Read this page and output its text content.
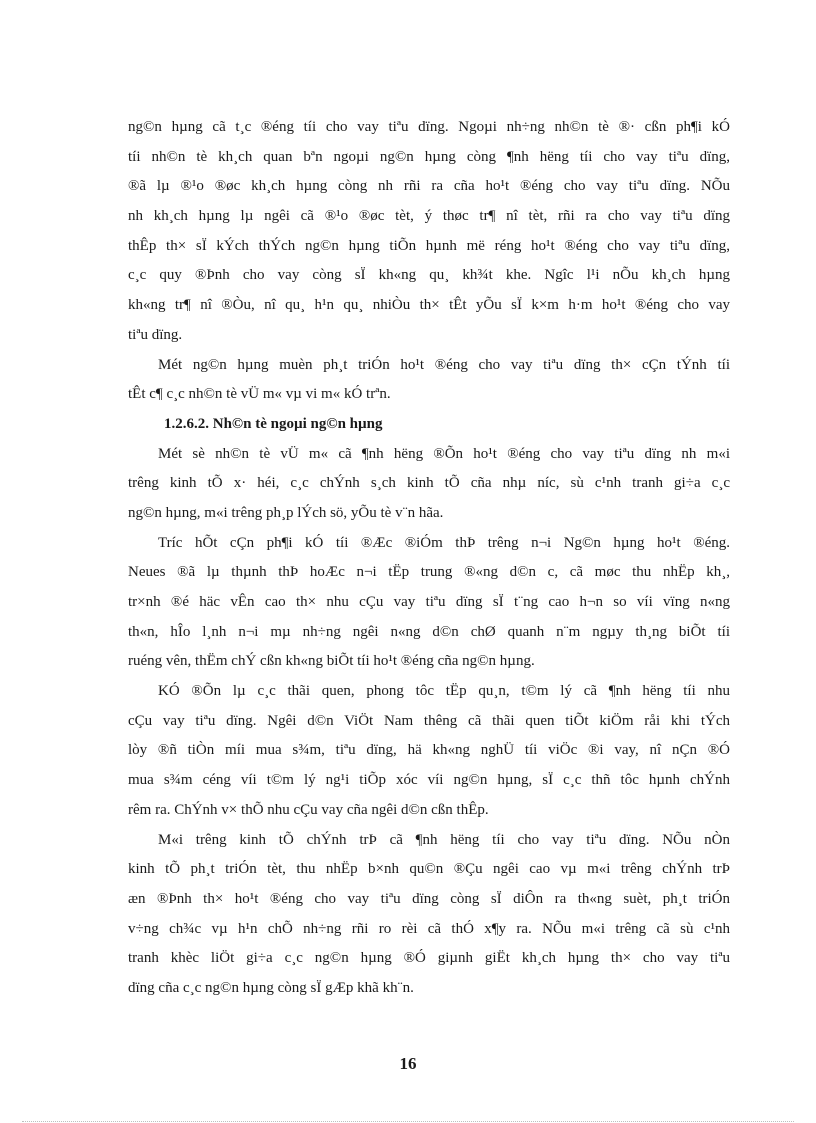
ng©n hµng cã t¸c ®éng tíi cho vay tiªu dïng. Ngoµi nh÷ng nh©n tè ®· cßn ph¶i kÓ
tíi nh©n tè kh¸ch quan bªn ngoµi ng©n hµng còng ¶nh hëng tíi cho vay tiªu dïng,
®ã lµ ®¹o ®øc kh¸ch hµng còng nh rñi ra cña ho¹t ®éng cho vay tiªu dïng. NÕu
nh kh¸ch hµng lµ ngêi cã ®¹o ®øc tèt, ý thøc tr¶ nî tèt, rñi ra cho vay tiªu dïng
thÊp th× sÏ kÝch thÝch ng©n hµng tiÕn hµnh më réng ho¹t ®éng cho vay tiªu dïng,
c¸c quy ®Þnh cho vay còng sÏ kh«ng qu¸ kh¾t khe. Ngîc l¹i nÕu kh¸ch hµng
kh«ng tr¶ nî ®Òu, nî qu¸ h¹n qu¸ nhiÒu th× tÊt yÕu sÏ k×m h·m ho¹t ®éng cho vay
tiªu dïng.
Mét ng©n hµng muèn ph¸t triÓn ho¹t ®éng cho vay tiªu dïng th× cÇn tÝnh tíi
tÊt c¶ c¸c nh©n tè vÜ m« vµ vi m« kÓ trªn.
1.2.6.2. Nh©n tè ngoµi ng©n hµng
Mét sè nh©n tè vÜ m« cã ¶nh hëng ®Õn ho¹t ®éng cho vay tiªu dïng nh m«i
trêng kinh tÕ x· héi, c¸c chÝnh s¸ch kinh tÕ cña nhµ níc, sù c¹nh tranh gi÷a c¸c
ng©n hµng, m«i trêng ph¸p lÝch sö, yÕu tè v¨n hãa.
Tríc hÕt cÇn ph¶i kÓ tíi ®Æc ®iÓm thÞ trêng n¬i Ng©n hµng ho¹t ®éng.
Neues ®ã lµ thµnh thÞ hoÆc n¬i tËp trung ®«ng d©n c, cã møc thu nhËp kh¸,
tr×nh ®é häc vÊn cao th× nhu cÇu vay tiªu dïng sÏ t¨ng cao h¬n so víi vïng n«ng
th«n, hÎo l¸nh n¬i mµ nh÷ng ngêi n«ng d©n chØ quanh n¨m ngµy th¸ng biÕt tíi
ruéng vên, thËm chÝ cßn kh«ng biÕt tíi ho¹t ®éng cña ng©n hµng.
KÓ ®Õn lµ c¸c thãi quen, phong tôc tËp qu¸n, t©m lý cã ¶nh hëng tíi nhu
cÇu vay tiªu dïng. Ngêi d©n ViÖt Nam thêng cã thãi quen tiÕt kiÖm råi khi tÝch
lòy ®ñ tiÒn míi mua s¾m, tiªu dïng, hä kh«ng nghÜ tíi viÖc ®i vay, nî nÇn ®Ó
mua s¾m céng víi t©m lý ng¹i tiÕp xóc víi ng©n hµng, sÏ c¸c thñ tôc hµnh chÝnh
rêm ra. ChÝnh v× thÕ nhu cÇu vay cña ngêi d©n cßn thÊp.
M«i trêng kinh tÕ chÝnh trÞ cã ¶nh hëng tíi cho vay tiªu dïng. NÕu nÒn
kinh tÕ ph¸t triÓn tèt, thu nhËp b×nh qu©n ®Çu ngêi cao vµ m«i trêng chÝnh trÞ
æn ®Þnh th× ho¹t ®éng cho vay tiªu dïng còng sÏ diÔn ra th«ng suèt, ph¸t triÓn
v÷ng ch¾c vµ h¹n chÕ nh÷ng rñi ro rèi cã thÓ x¶y ra. NÕu m«i trêng cã sù c¹nh
tranh khèc liÖt gi÷a c¸c ng©n hµng ®Ó giµnh giËt kh¸ch hµng th× cho vay tiªu
dïng cña c¸c ng©n hµng còng sÏ gÆp khã kh¨n.
16
